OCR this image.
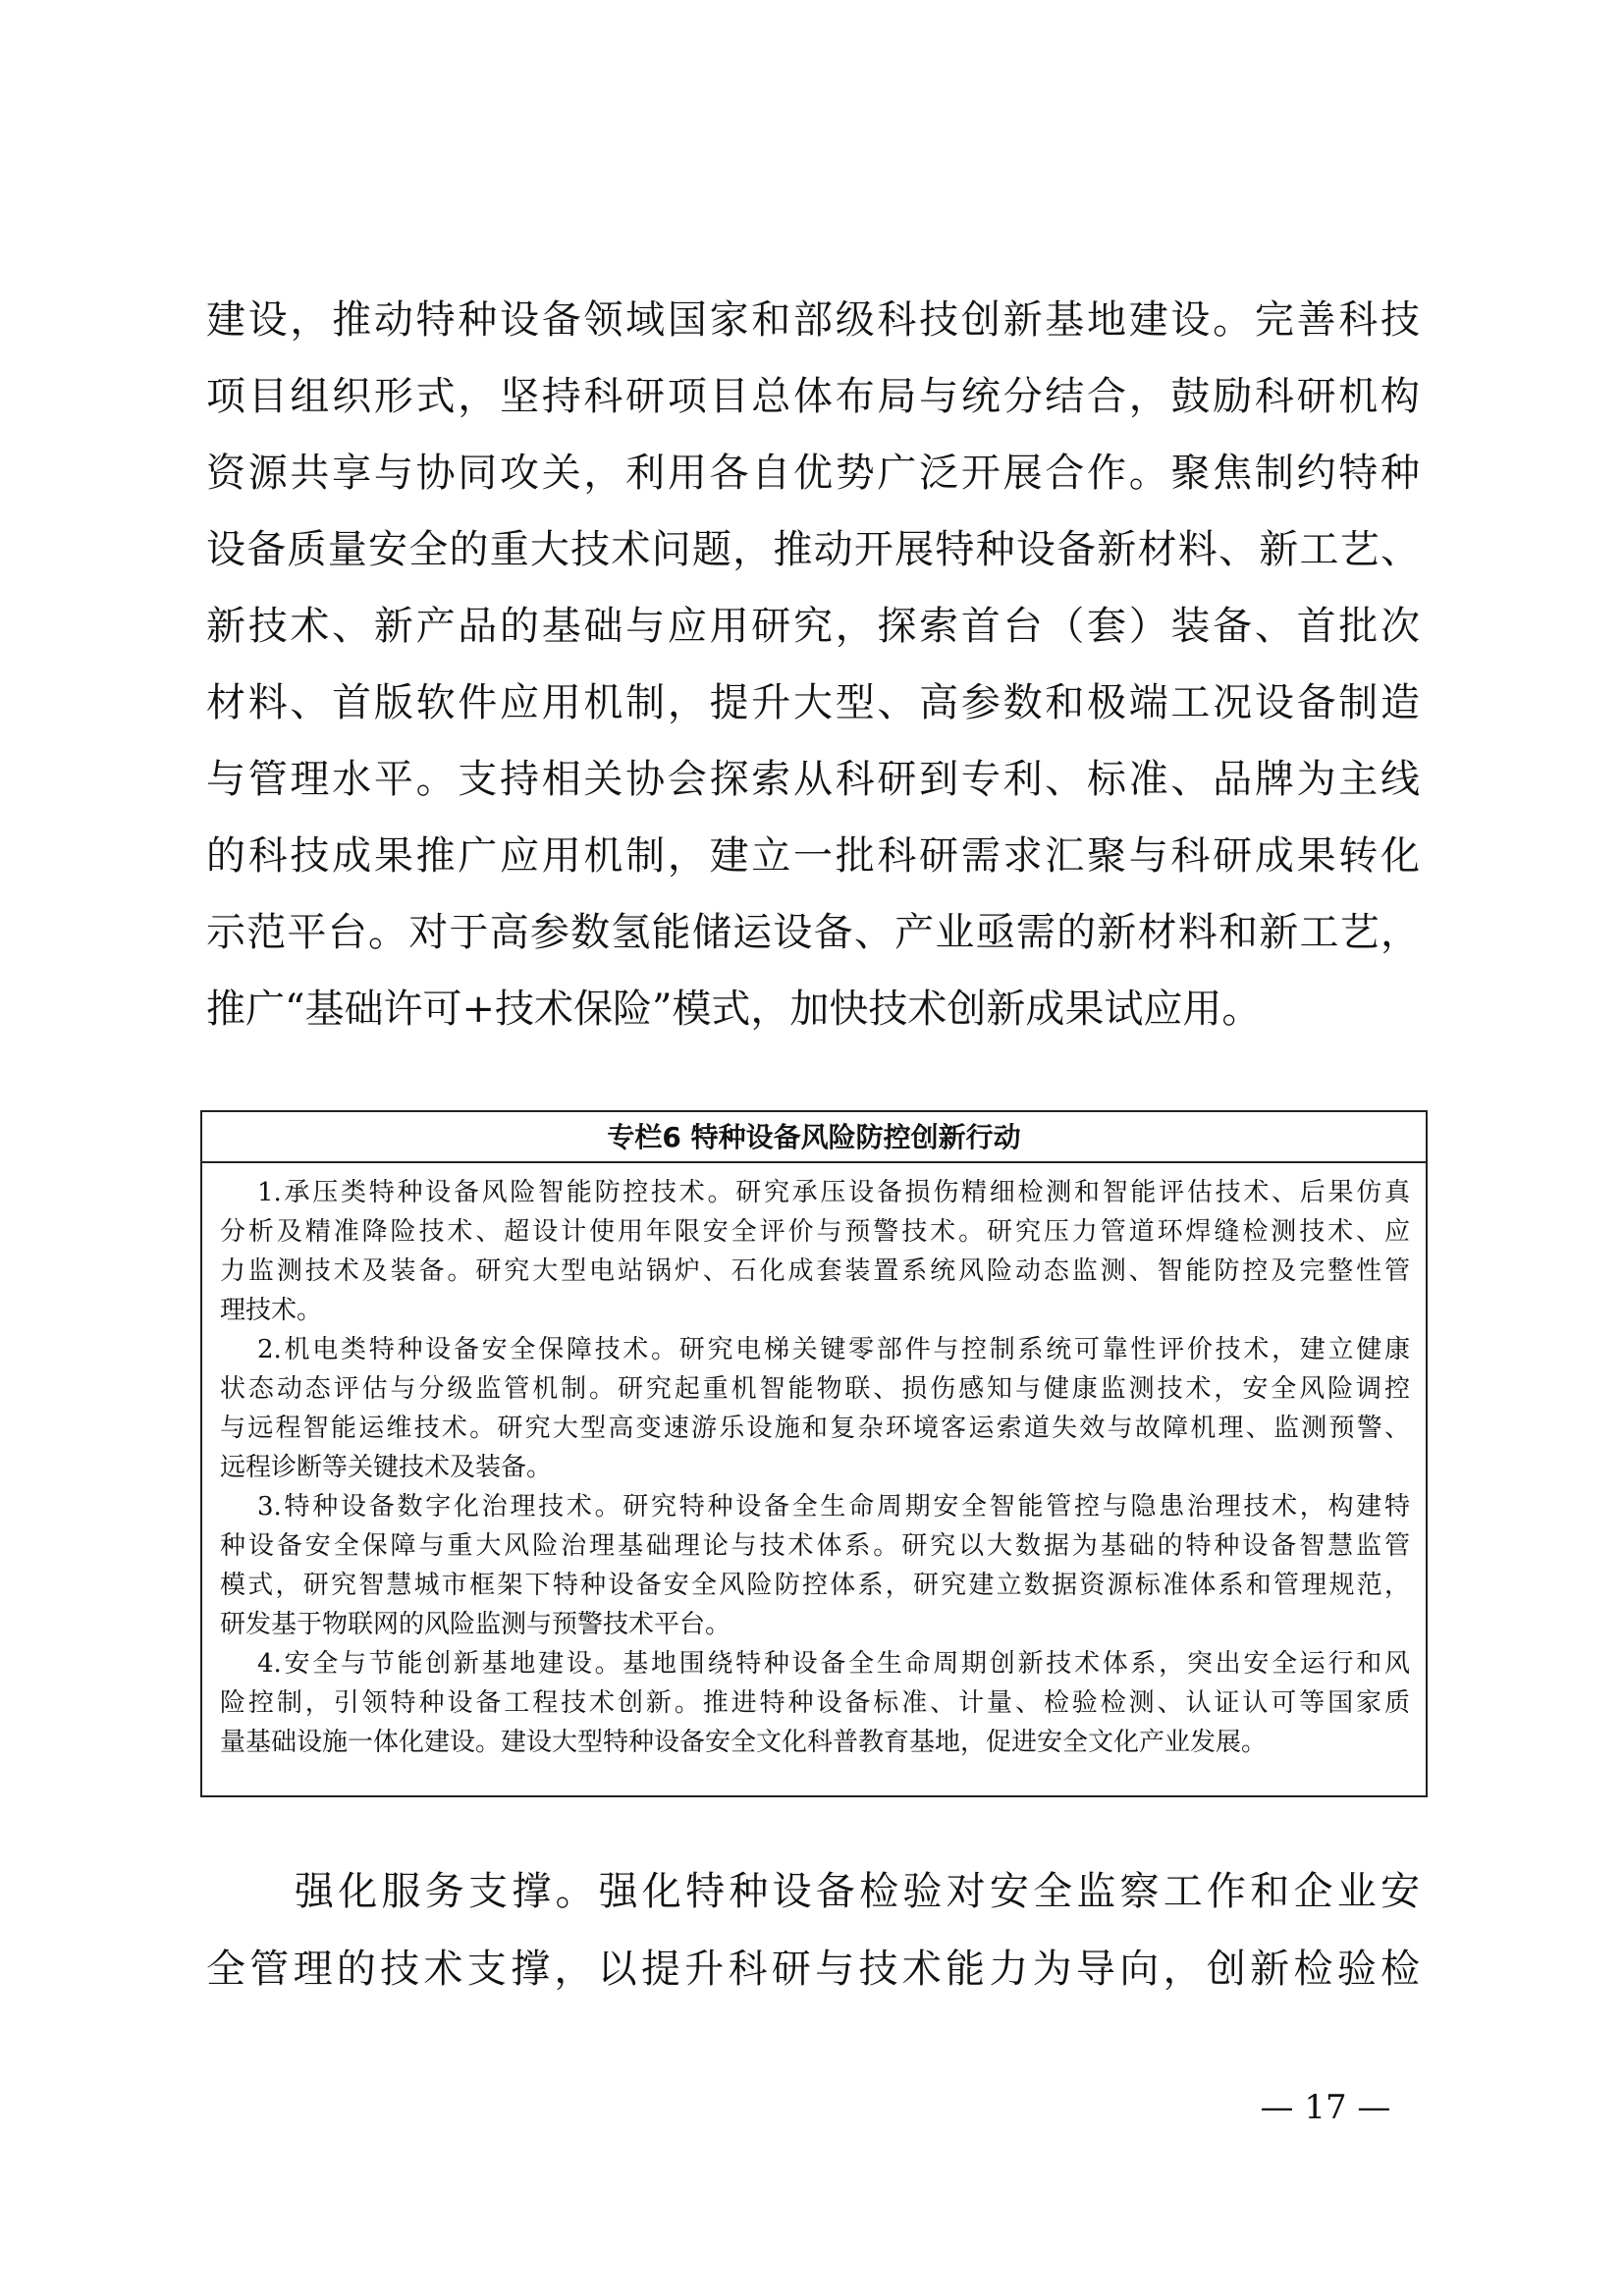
建设，推动特种设备领域国家和部级科技创新基地建设。完善科技
项目组织形式，坚持科研项目总体布局与统分结合，鼓励科研机构
资源共享与协同攻关，利用各自优势广泛开展合作。聚焦制约特种
设备质量安全的重大技术问题，推动开展特种设备新材料、新工艺、
新技术、新产品的基础与应用研究，探索首台（套）装备、首批次
材料、首版软件应用机制，提升大型、高参数和极端工况设备制造
与管理水平。支持相关协会探索从科研到专利、标准、品牌为主线
的科技成果推广应用机制，建立一批科研需求汇聚与科研成果转化
示范平台。对于高参数氢能储运设备、产业亟需的新材料和新工艺，
推广“基础许可+技术保险”模式，加快技术创新成果试应用。
专栏6 特种设备风险防控创新行动
1.承压类特种设备风险智能防控技术。研究承压设备损伤精细检测和智能评估技术、后果仿真
分析及精准降险技术、超设计使用年限安全评价与预警技术。研究压力管道环焊缝检测技术、应
力监测技术及装备。研究大型电站锅炉、石化成套装置系统风险动态监测、智能防控及完整性管
理技术。
2.机电类特种设备安全保障技术。研究电梯关键零部件与控制系统可靠性评价技术，建立健康
状态动态评估与分级监管机制。研究起重机智能物联、损伤感知与健康监测技术，安全风险调控
与远程智能运维技术。研究大型高变速游乐设施和复杂环境客运索道失效与故障机理、监测预警、
远程诊断等关键技术及装备。
3.特种设备数字化治理技术。研究特种设备全生命周期安全智能管控与隐患治理技术，构建特
种设备安全保障与重大风险治理基础理论与技术体系。研究以大数据为基础的特种设备智慧监管
模式，研究智慧城市框架下特种设备安全风险防控体系，研究建立数据资源标准体系和管理规范，
研发基于物联网的风险监测与预警技术平台。
4.安全与节能创新基地建设。基地围绕特种设备全生命周期创新技术体系，突出安全运行和风
险控制，引领特种设备工程技术创新。推进特种设备标准、计量、检验检测、认证认可等国家质
量基础设施一体化建设。建设大型特种设备安全文化科普教育基地，促进安全文化产业发展。
强化服务支撑。强化特种设备检验对安全监察工作和企业安
全管理的技术支撑，以提升科研与技术能力为导向，创新检验检
— 17 —
